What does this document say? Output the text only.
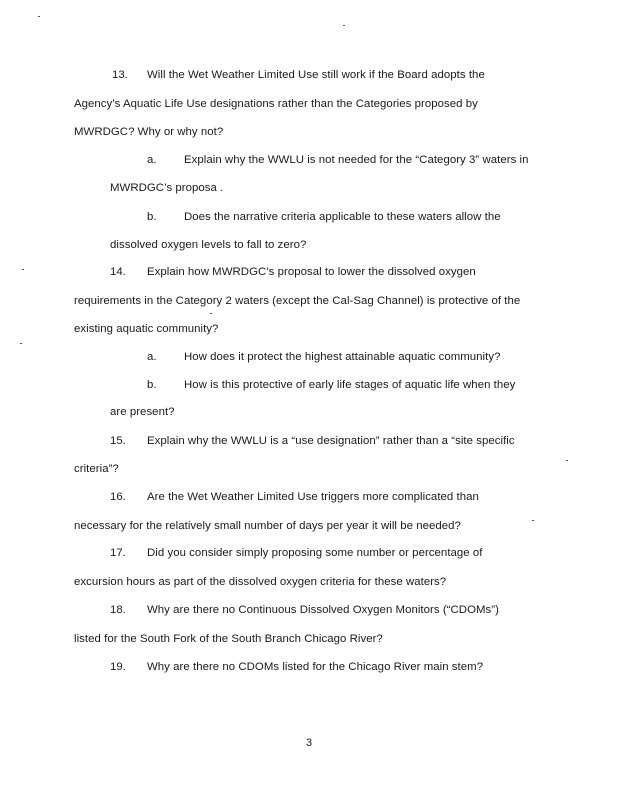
13. Will the Wet Weather Limited Use still work if the Board adopts the
Agency’s Aquatic Life Use designations rather than the Categories proposed by
MWRDGC? Why or why not?
a. Explain why the WWLU is not needed for the “Category 3” waters in
MWRDGC’s proposa .
b. Does the narrative criteria applicable to these waters allow the
dissolved oxygen levels to fall to zero?
14. Explain how MWRDGC’s proposal to lower the dissolved oxygen
requirements in the Category 2 waters (except the Cal-Sag Channel) is protective of the
existing aquatic community?
a. How does it protect the highest attainable aquatic community?
b. How is this protective of early life stages of aquatic life when they
are present?
15. Explain why the WWLU is a “use designation” rather than a “site specific
criteria”?
16. Are the Wet Weather Limited Use triggers more complicated than
necessary for the relatively small number of days per year it will be needed?
17. Did you consider simply proposing some number or percentage of
excursion hours as part of the dissolved oxygen criteria for these waters?
18. Why are there no Continuous Dissolved Oxygen Monitors (“CDOMs”)
listed for the South Fork of the South Branch Chicago River?
19. Why are there no CDOMs listed for the Chicago River main stem?
3
